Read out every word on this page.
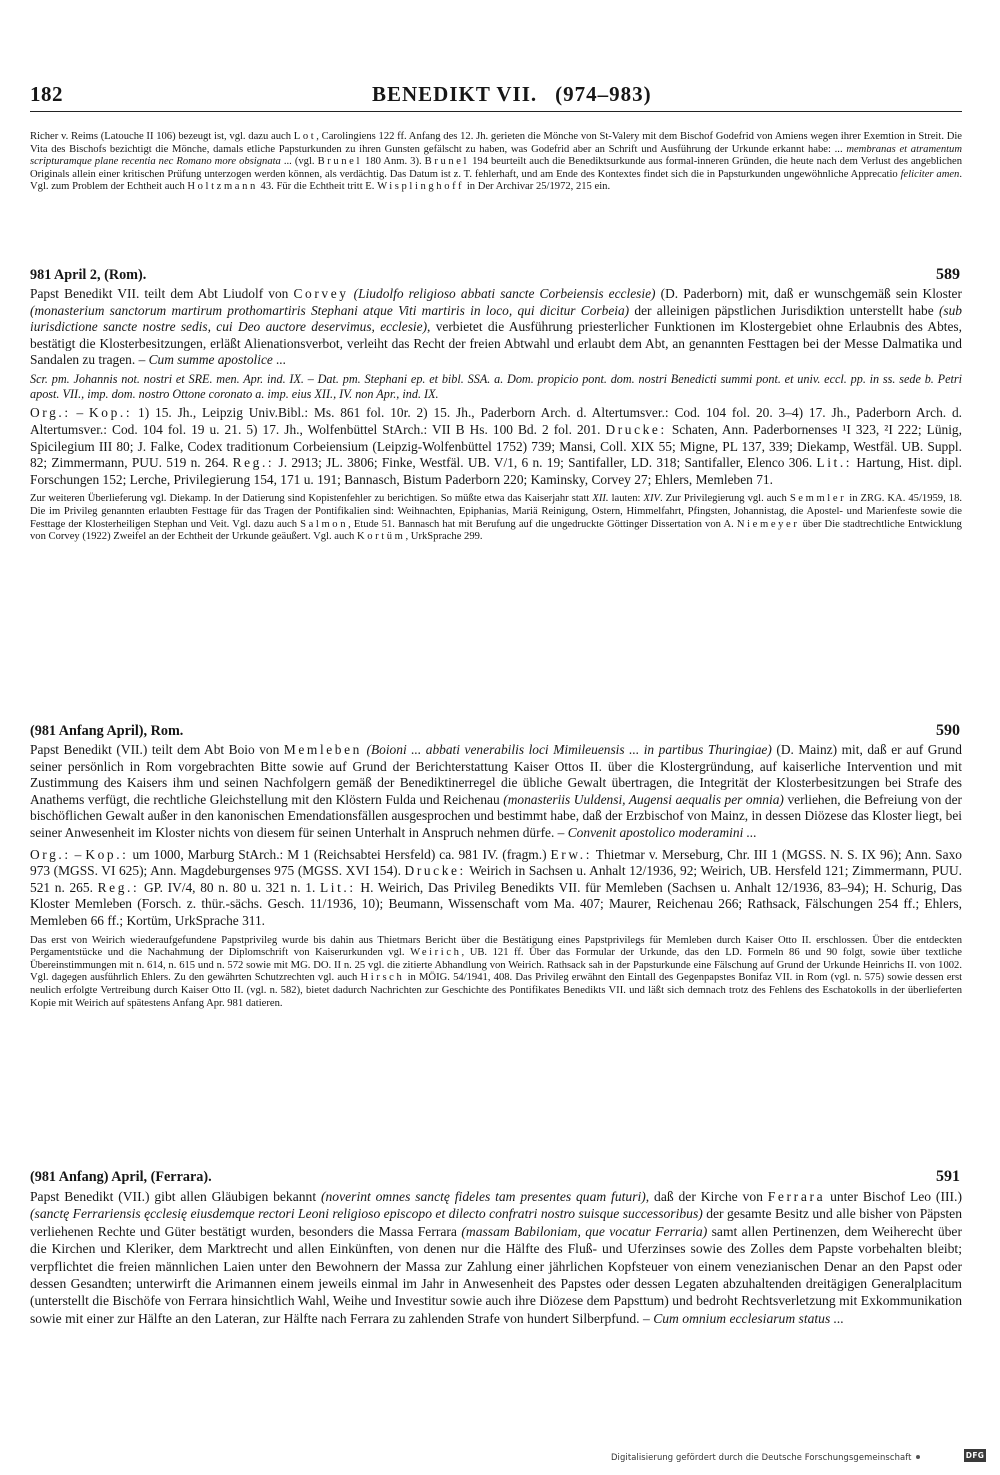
182	BENEDIKT VII. (974–983)

Richer v. Reims (Latouche II 106) bezeugt ist, vgl. dazu auch Lot, Carolingiens 122 ff. Anfang des 12. Jh. gerieten die Mönche von St-Valery mit dem Bischof Godefrid von Amiens wegen ihrer Exemtion in Streit. Die Vita des Bischofs bezichtigt die Mönche, damals etliche Papsturkunden zu ihren Gunsten gefälscht zu haben, was Godefrid aber an Schrift und Ausführung der Urkunde erkannt habe: ... membranas et atramentum scripturamque plane recentia nec Romano more obsignata ... (vgl. Brunel 180 Anm. 3). Brunel 194 beurteilt auch die Benediktsurkunde aus formal-inneren Gründen, die heute nach dem Verlust des angeblichen Originals allein einer kritischen Prüfung unterzogen werden können, als verdächtig. Das Datum ist z. T. fehlerhaft, und am Ende des Kontextes findet sich die in Papsturkunden ungewöhnliche Apprecatio feliciter amen. Vgl. zum Problem der Echtheit auch Holtzmann 43. Für die Echtheit tritt E. Wisplinghoff in Der Archivar 25/1972, 215 ein.

981 April 2, (Rom).	589

Papst Benedikt VII. teilt dem Abt Liudolf von Corvey (Liudolfo religioso abbati sancte Corbeiensis ecclesie) (D. Paderborn) mit, daß er wunschgemäß sein Kloster (monasterium sanctorum martirum prothomartiris Stephani atque Viti martiris in loco, qui dicitur Corbeia) der alleinigen päpstlichen Jurisdiktion unterstellt habe (sub iurisdictione sancte nostre sedis, cui Deo auctore deservimus, ecclesie), verbietet die Ausführung priesterlicher Funktionen im Klostergebiet ohne Erlaubnis des Abtes, bestätigt die Klosterbesitzungen, erläßt Alienationsverbot, verleiht das Recht der freien Abtwahl und erlaubt dem Abt, an genannten Festtagen bei der Messe Dalmatika und Sandalen zu tragen. – Cum summe apostolice ...

Scr. pm. Johannis not. nostri et SRE. men. Apr. ind. IX. – Dat. pm. Stephani ep. et bibl. SSA. a. Dom. propicio pont. dom. nostri Benedicti summi pont. et univ. eccl. pp. in ss. sede b. Petri apost. VII., imp. dom. nostro Ottone coronato a. imp. eius XII., IV. non Apr., ind. IX.

Org.: – Kop.: 1) 15. Jh., Leipzig Univ.Bibl.: Ms. 861 fol. 10r. 2) 15. Jh., Paderborn Arch. d. Altertumsver.: Cod. 104 fol. 20. 3–4) 17. Jh., Paderborn Arch. d. Altertumsver.: Cod. 104 fol. 19 u. 21. 5) 17. Jh., Wolfenbüttel StArch.: VII B Hs. 100 Bd. 2 fol. 201. Drucke: Schaten, Ann. Paderbornenses ¹I 323, ²I 222; Lünig, Spicilegium III 80; J. Falke, Codex traditionum Corbeiensium (Leipzig-Wolfenbüttel 1752) 739; Mansi, Coll. XIX 55; Migne, PL 137, 339; Diekamp, Westfäl. UB. Suppl. 82; Zimmermann, PUU. 519 n. 264. Reg.: J. 2913; JL. 3806; Finke, Westfäl. UB. V/1, 6 n. 19; Santifaller, LD. 318; Santifaller, Elenco 306. Lit.: Hartung, Hist. dipl. Forschungen 152; Lerche, Privilegierung 154, 171 u. 191; Bannasch, Bistum Paderborn 220; Kaminsky, Corvey 27; Ehlers, Memleben 71.

Zur weiteren Überlieferung vgl. Diekamp. In der Datierung sind Kopistenfehler zu berichtigen. So müßte etwa das Kaiserjahr statt XII. lauten: XIV. Zur Privilegierung vgl. auch Semmler in ZRG. KA. 45/1959, 18. Die im Privileg genannten erlaubten Festtage für das Tragen der Pontifikalien sind: Weihnachten, Epiphanias, Mariä Reinigung, Ostern, Himmelfahrt, Pfingsten, Johannistag, die Apostel- und Marienfeste sowie die Festtage der Klosterheiligen Stephan und Veit. Vgl. dazu auch Salmon, Etude 51. Bannasch hat mit Berufung auf die ungedruckte Göttinger Dissertation von A. Niemeyer über Die stadtrechtliche Entwicklung von Corvey (1922) Zweifel an der Echtheit der Urkunde geäußert. Vgl. auch Kortüm, UrkSprache 299.

(981 Anfang April), Rom.	590

Papst Benedikt (VII.) teilt dem Abt Boio von Memleben (Boioni ... abbati venerabilis loci Mimileuensis ... in partibus Thuringiae) (D. Mainz) mit, daß er auf Grund seiner persönlich in Rom vorgebrachten Bitte sowie auf Grund der Berichterstattung Kaiser Ottos II. über die Klostergründung, auf kaiserliche Intervention und mit Zustimmung des Kaisers ihm und seinen Nachfolgern gemäß der Benediktinerregel die übliche Gewalt übertragen, die Integrität der Klosterbesitzungen bei Strafe des Anathems verfügt, die rechtliche Gleichstellung mit den Klöstern Fulda und Reichenau (monasteriis Uuldensi, Augensi aequalis per omnia) verliehen, die Befreiung von der bischöflichen Gewalt außer in den kanonischen Emendationsfällen ausgesprochen und bestimmt habe, daß der Erzbischof von Mainz, in dessen Diözese das Kloster liegt, bei seiner Anwesenheit im Kloster nichts von diesem für seinen Unterhalt in Anspruch nehmen dürfe. – Convenit apostolico moderamini ...

Org.: – Kop.: um 1000, Marburg StArch.: M 1 (Reichsabtei Hersfeld) ca. 981 IV. (fragm.) Erw.: Thietmar v. Merseburg, Chr. III 1 (MGSS. N. S. IX 96); Ann. Saxo 973 (MGSS. VI 625); Ann. Magdeburgenses 975 (MGSS. XVI 154). Drucke: Weirich in Sachsen u. Anhalt 12/1936, 92; Weirich, UB. Hersfeld 121; Zimmermann, PUU. 521 n. 265. Reg.: GP. IV/4, 80 n. 80 u. 321 n. 1. Lit.: H. Weirich, Das Privileg Benedikts VII. für Memleben (Sachsen u. Anhalt 12/1936, 83–94); H. Schurig, Das Kloster Memleben (Forsch. z. thür.-sächs. Gesch. 11/1936, 10); Beumann, Wissenschaft vom Ma. 407; Maurer, Reichenau 266; Rathsack, Fälschungen 254 ff.; Ehlers, Memleben 66 ff.; Kortüm, UrkSprache 311.

Das erst von Weirich wiederaufgefundene Papstprivileg wurde bis dahin aus Thietmars Bericht über die Bestätigung eines Papstprivilegs für Memleben durch Kaiser Otto II. erschlossen. Über die entdeckten Pergamentstücke und die Nachahmung der Diplomschrift von Kaiserurkunden vgl. Weirich, UB. 121 ff. Über das Formular der Urkunde, das den LD. Formeln 86 und 90 folgt, sowie über textliche Übereinstimmungen mit n. 614, n. 615 und n. 572 sowie mit MG. DO. II n. 25 vgl. die zitierte Abhandlung von Weirich. Rathsack sah in der Papsturkunde eine Fälschung auf Grund der Urkunde Heinrichs II. von 1002. Vgl. dagegen ausführlich Ehlers. Zu den gewährten Schutzrechten vgl. auch Hirsch in MÖIG. 54/1941, 408. Das Privileg erwähnt den Eintall des Gegenpapstes Bonifaz VII. in Rom (vgl. n. 575) sowie dessen erst neulich erfolgte Vertreibung durch Kaiser Otto II. (vgl. n. 582), bietet dadurch Nachrichten zur Geschichte des Pontifikates Benedikts VII. und läßt sich demnach trotz des Fehlens des Eschatokolls in der überlieferten Kopie mit Weirich auf spätestens Anfang Apr. 981 datieren.

(981 Anfang) April, (Ferrara).	591

Papst Benedikt (VII.) gibt allen Gläubigen bekannt (noverint omnes sanctę fideles tam presentes quam futuri), daß der Kirche von Ferrara unter Bischof Leo (III.) (sanctę Ferrariensis ęcclesię eiusdemque rectori Leoni religioso episcopo et dilecto confratri nostro suisque successoribus) der gesamte Besitz und alle bisher von Päpsten verliehenen Rechte und Güter bestätigt wurden, besonders die Massa Ferrara (massam Babiloniam, que vocatur Ferraria) samt allen Pertinenzen, dem Weiherecht über die Kirchen und Kleriker, dem Marktrecht und allen Einkünften, von denen nur die Hälfte des Fluß- und Uferzinses sowie des Zolles dem Papste vorbehalten bleibt; verpflichtet die freien männlichen Laien unter den Bewohnern der Massa zur Zahlung einer jährlichen Kopfsteuer von einem venezianischen Denar an den Papst oder dessen Gesandten; unterwirft die Arimannen einem jeweils einmal im Jahr in Anwesenheit des Papstes oder dessen Legaten abzuhaltenden dreitägigen Generalplacitum (unterstellt die Bischöfe von Ferrara hinsichtlich Wahl, Weihe und Investitur sowie auch ihre Diözese dem Papsttum) und bedroht Rechtsverletzung mit Exkommunikation sowie mit einer zur Hälfte an den Lateran, zur Hälfte nach Ferrara zu zahlenden Strafe von hundert Silberpfund. – Cum omnium ecclesiarum status ...

Digitalisierung gefördert durch die Deutsche Forschungsgemeinschaft	DFG
